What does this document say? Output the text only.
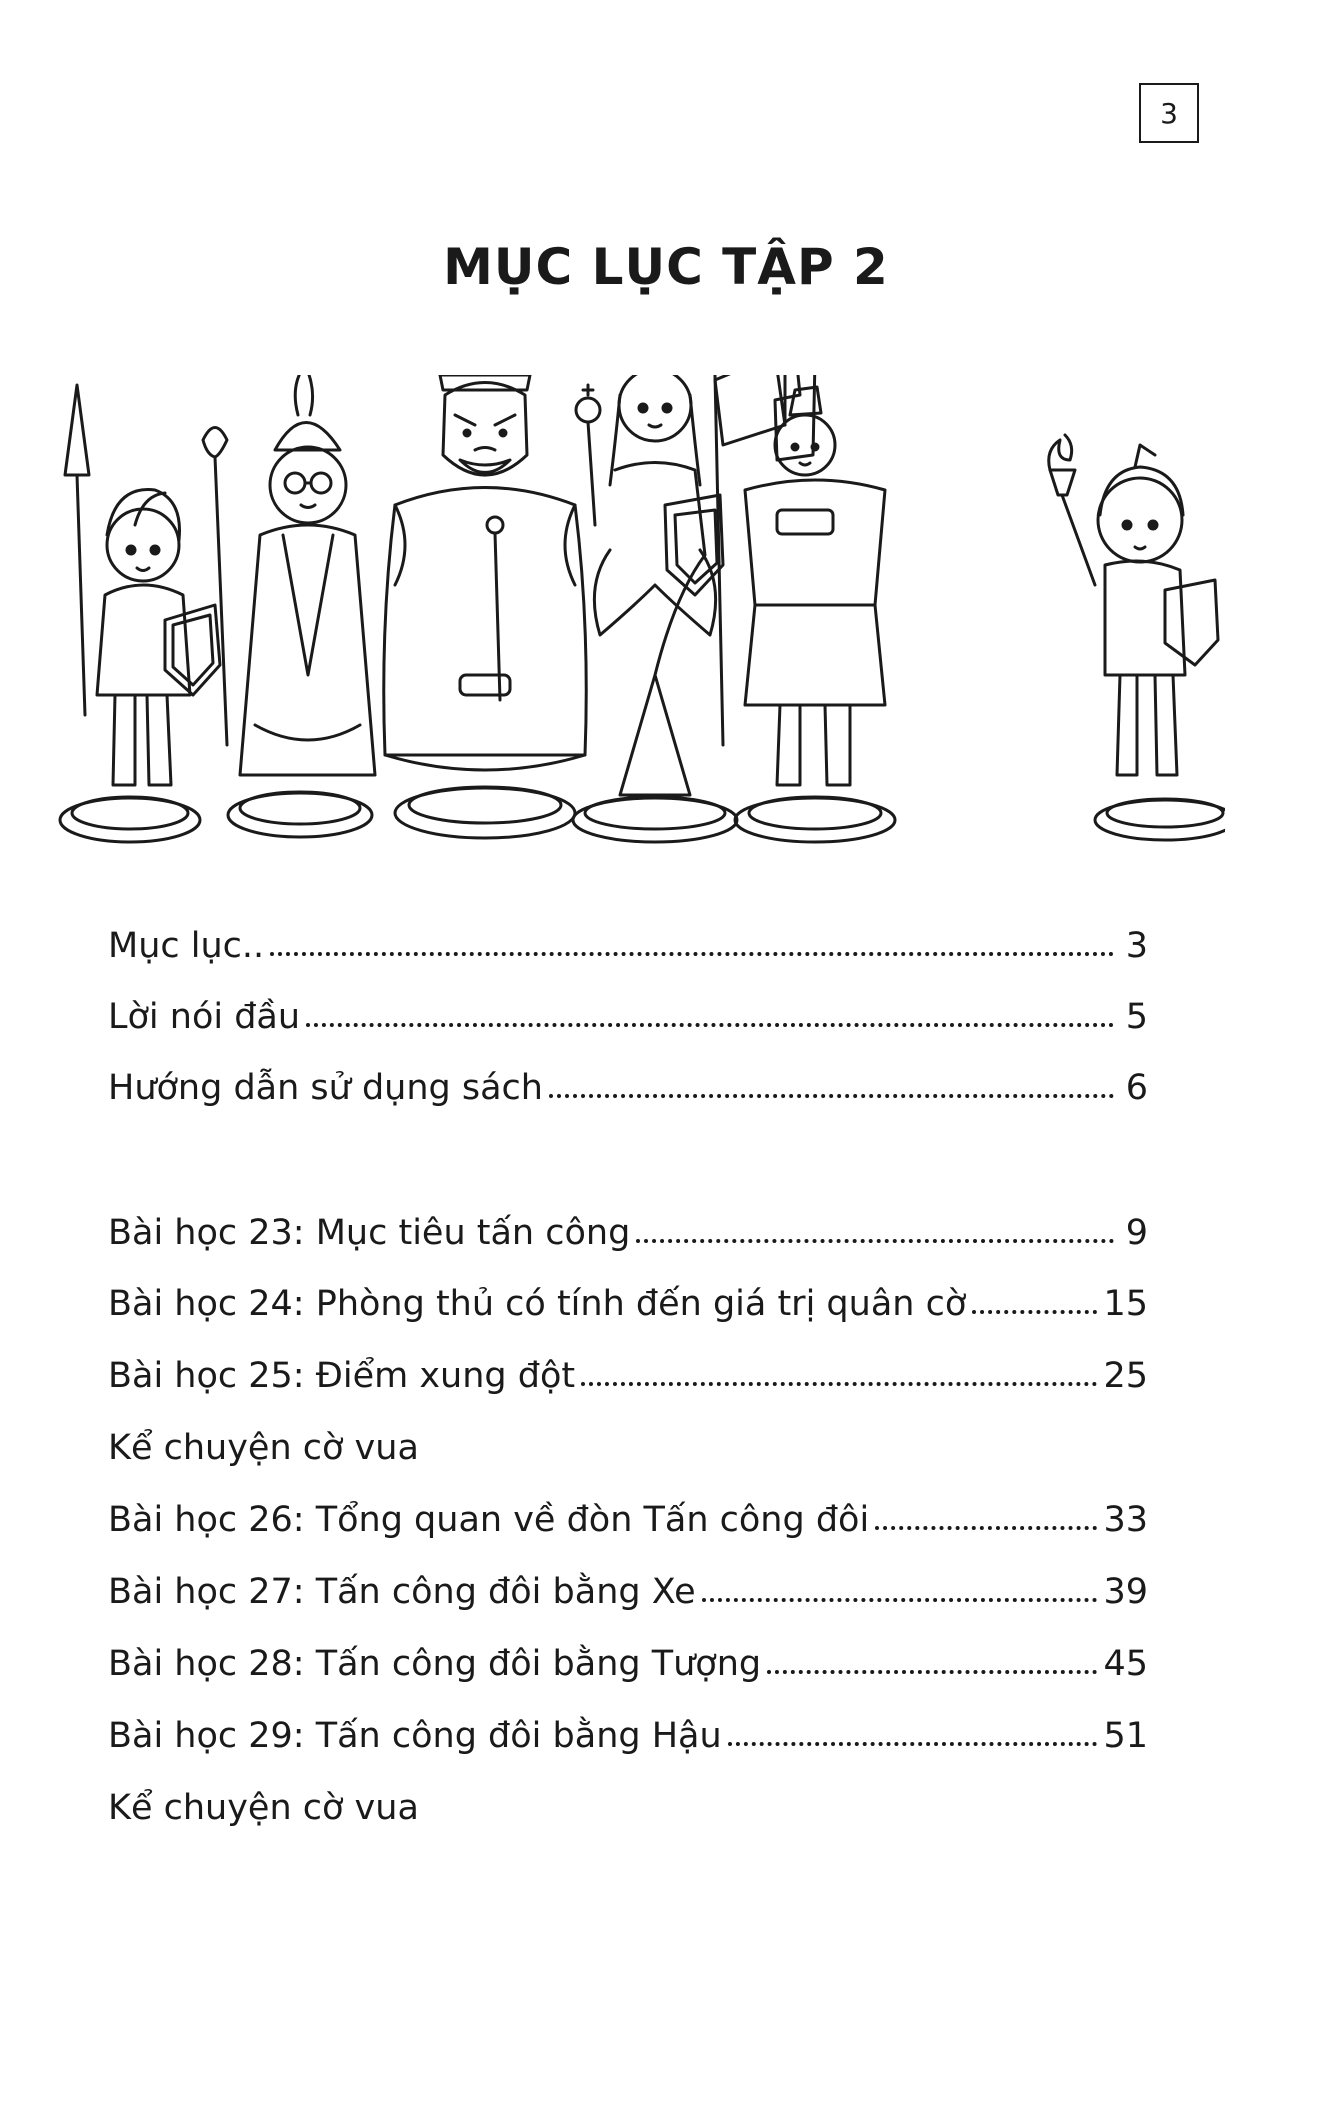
3
MỤC LỤC TẬP 2
Mục lục..	3
Lời nói đầu	5
Hướng dẫn sử dụng sách	6
Bài học 23: Mục tiêu tấn công	9
Bài học 24: Phòng thủ có tính đến giá trị quân cờ	15
Bài học 25: Điểm xung đột	25
Kể chuyện cờ vua
Bài học 26: Tổng quan về đòn Tấn công đôi	33
Bài học 27: Tấn công đôi bằng Xe	39
Bài học 28: Tấn công đôi bằng Tượng	45
Bài học 29: Tấn công đôi bằng Hậu	51
Kể chuyện cờ vua
